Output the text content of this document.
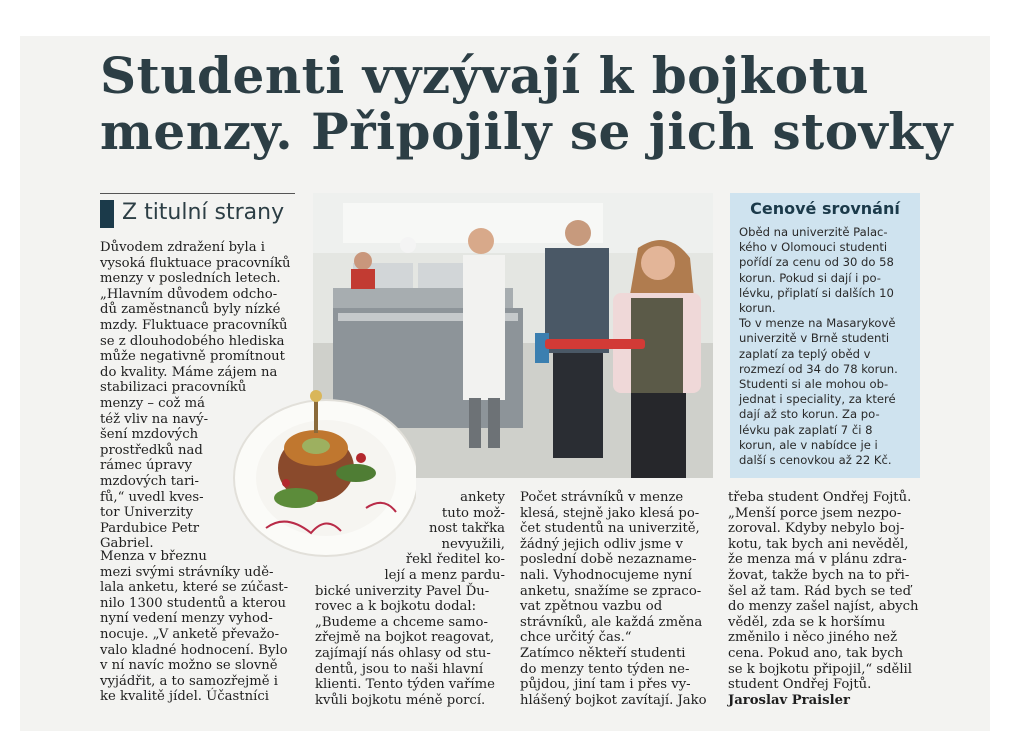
Studenti vyzývají k bojkotu
menzy. Připojily se jich stovky
Z titulní strany
Důvodem zdražení byla i
vysoká fluktuace pracovníků
menzy v posledních letech.
„Hlavním důvodem odcho-
dů zaměstnanců byly nízké
mzdy. Fluktuace pracovníků
se z dlouhodobého hlediska
může negativně promítnout
do kvality. Máme zájem na
stabilizaci pracovníků
menzy – což má
též vliv na navý-
šení mzdových
prostředků nad
rámec úpravy
mzdových tari-
fů,“ uvedl kves-
tor Univerzity
Pardubice Petr
Gabriel.
Menza v březnu
mezi svými strávníky udě-
lala anketu, které se zúčast-
nilo 1300 studentů a kterou
nyní vedení menzy vyhod-
nocuje. „V anketě převažo-
valo kladné hodnocení. Bylo
v ní navíc možno se slovně
vyjádřit, a to samozřejmě i
ke kvalitě jídel. Účastníci
ankety
tuto mož-
nost takřka
nevyužili,
řekl ředitel ko-
lejí a menz pardu-
bické univerzity Pavel Ďu-
rovec a k bojkotu dodal:
„Budeme a chceme samo-
zřejmě na bojkot reagovat,
zajímají nás ohlasy od stu-
dentů, jsou to naši hlavní
klienti. Tento týden vaříme
kvůli bojkotu méně porcí.
Počet strávníků v menze
klesá, stejně jako klesá po-
čet studentů na univerzitě,
žádný jejich odliv jsme v
poslední době nezazname-
nali. Vyhodnocujeme nyní
anketu, snažíme se zpraco-
vat zpětnou vazbu od
strávníků, ale každá změna
chce určitý čas.“
Zatímco někteří studenti
do menzy tento týden ne-
půjdou, jiní tam i přes vy-
hlášený bojkot zavítají. Jako
třeba student Ondřej Fojtů.
„Menší porce jsem nezpo-
zoroval. Kdyby nebylo boj-
kotu, tak bych ani nevěděl,
že menza má v plánu zdra-
žovat, takže bych na to při-
šel až tam. Rád bych se teď
do menzy zašel najíst, abych
věděl, zda se k horšímu
změnilo i něco jiného než
cena. Pokud ano, tak bych
se k bojkotu připojil,“ sdělil
student Ondřej Fojtů.
Jaroslav Praisler
Cenové srovnání
Oběd na univerzitě Palac-
kého v Olomouci studenti
pořídí za cenu od 30 do 58
korun. Pokud si dají i po-
lévku, připlatí si dalších 10
korun.
To v menze na Masarykově
univerzitě v Brně studenti
zaplatí za teplý oběd v
rozmezí od 34 do 78 korun.
Studenti si ale mohou ob-
jednat i speciality, za které
dají až sto korun. Za po-
lévku pak zaplatí 7 či 8
korun, ale v nabídce je i
další s cenovkou až 22 Kč.
